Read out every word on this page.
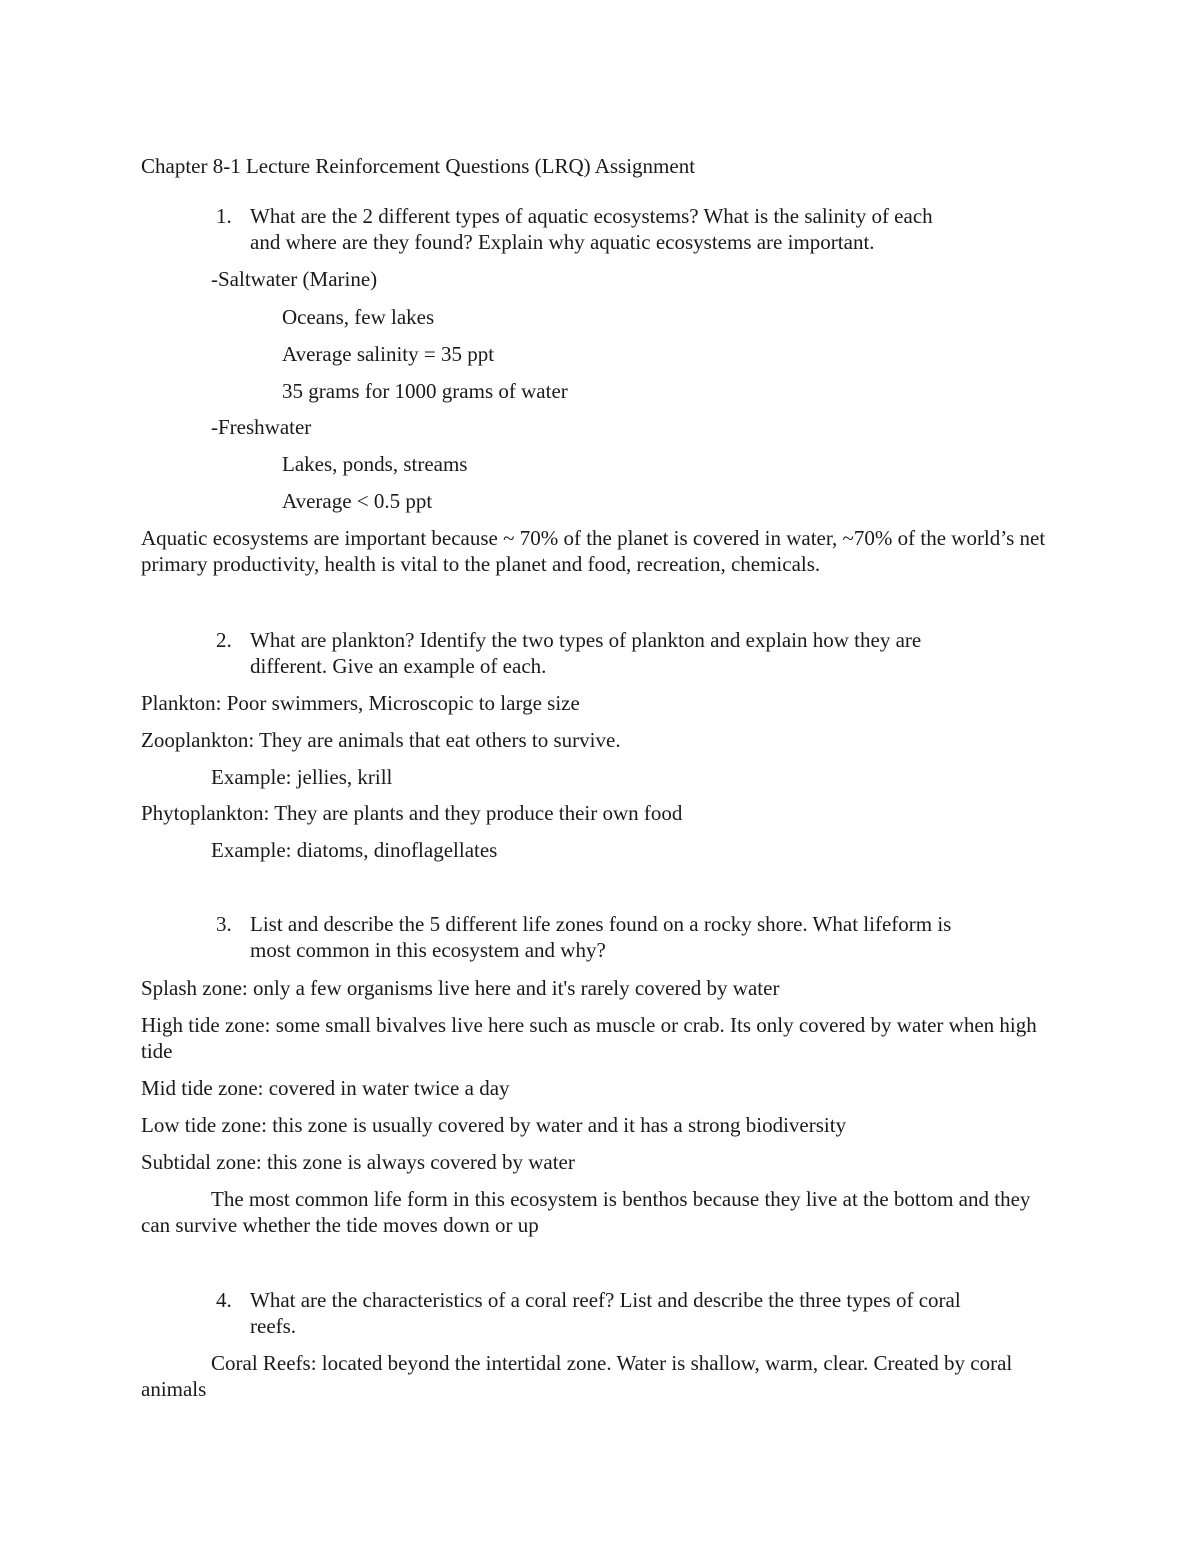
Chapter 8-1 Lecture Reinforcement Questions (LRQ) Assignment
1. What are the 2 different types of aquatic ecosystems? What is the salinity of each
and where are they found? Explain why aquatic ecosystems are important.
-Saltwater (Marine)
Oceans, few lakes
Average salinity = 35 ppt
35 grams for 1000 grams of water
-Freshwater
Lakes, ponds, streams
Average < 0.5 ppt
Aquatic ecosystems are important because ~ 70% of the planet is covered in water, ~70% of the world’s net primary productivity, health is vital to the planet and food, recreation, chemicals.
2. What are plankton? Identify the two types of plankton and explain how they are
different. Give an example of each.
Plankton: Poor swimmers, Microscopic to large size
Zooplankton: They are animals that eat others to survive.
Example: jellies, krill
Phytoplankton: They are plants and they produce their own food
Example: diatoms, dinoflagellates
3. List and describe the 5 different life zones found on a rocky shore. What lifeform is
most common in this ecosystem and why?
Splash zone: only a few organisms live here and it's rarely covered by water
High tide zone: some small bivalves live here such as muscle or crab. Its only covered by water when high tide
Mid tide zone: covered in water twice a day
Low tide zone: this zone is usually covered by water and it has a strong biodiversity
Subtidal zone: this zone is always covered by water
The most common life form in this ecosystem is benthos because they live at the bottom and they can survive whether the tide moves down or up
4. What are the characteristics of a coral reef? List and describe the three types of coral
reefs.
Coral Reefs: located beyond the intertidal zone. Water is shallow, warm, clear. Created by coral animals
